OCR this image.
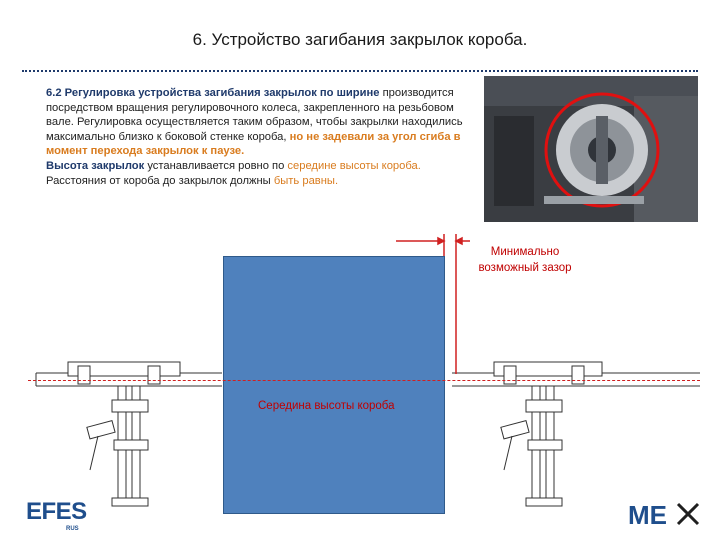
6. Устройство загибания закрылок короба.
6.2 Регулировка устройства загибания закрылок по ширине производится посредством вращения регулировочного колеса, закрепленного на резьбовом вале. Регулировка осуществляется таким образом, чтобы закрылки находились максимально близко к боковой стенке короба, но не задевали за угол сгиба в момент перехода закрылок к паузе.
Высота закрылок устанавливается ровно по середине высоты короба.
Расстояния от короба до закрылок должны быть равны.
Середина высоты короба
Минимально возможный зазор
EFES
RUS	ME
